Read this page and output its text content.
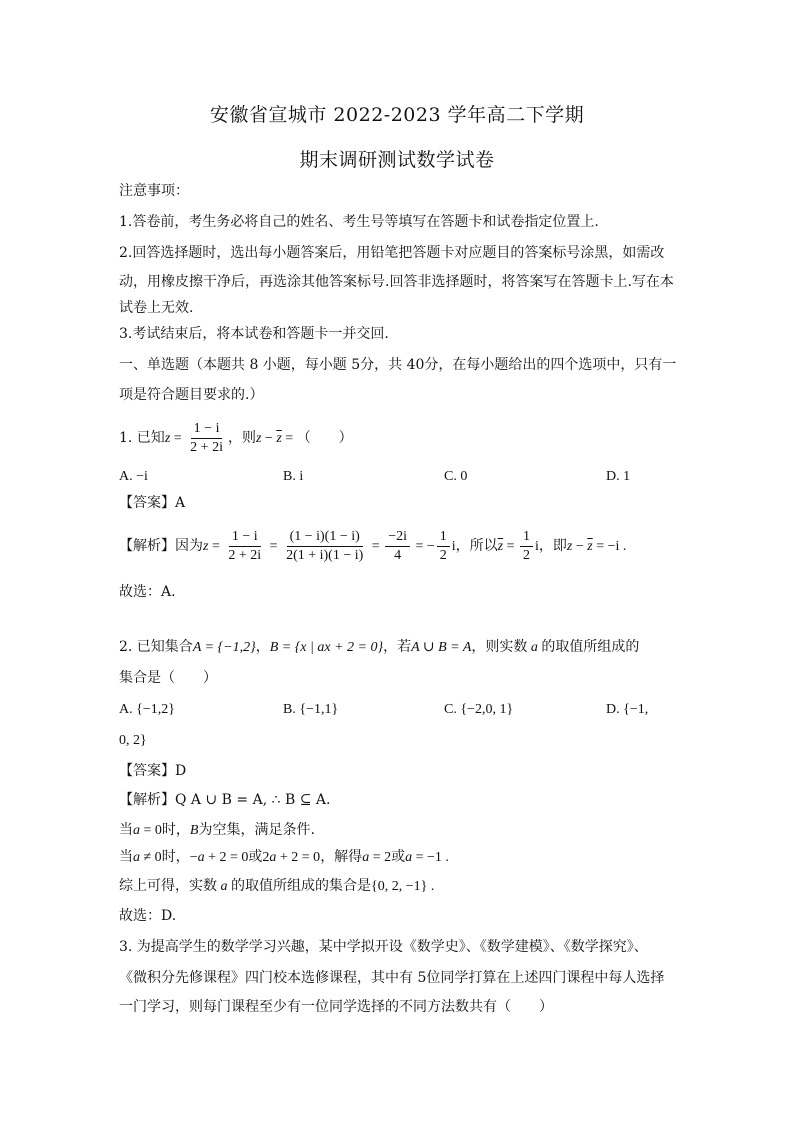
安徽省宣城市 2022-2023 学年高二下学期
期末调研测试数学试卷
注意事项：
1.答卷前，考生务必将自己的姓名、考生号等填写在答题卡和试卷指定位置上.
2.回答选择题时，选出每小题答案后，用铅笔把答题卡对应题目的答案标号涂黑，如需改
动，用橡皮擦干净后，再选涂其他答案标号.回答非选择题时，将答案写在答题卡上.写在本
试卷上无效.
3.考试结束后，将本试卷和答题卡一并交回.
一、单选题（本题共 8 小题，每小题 5分，共 40分，在每小题给出的四个选项中，只有一
项是符合题目要求的.）
1. 已知$z = \frac{1 - i}{2 + 2i}$ ，则$z - \overline{z}$ = （　　）
A. −i	B. i	C. 0	D. 1
【答案】A
【解析】因为$z = \frac{1 - i}{2 + 2i} = \frac{(1 - i)(1 - i)}{2(1 + i)(1 - i)} = \frac{-2i}{4}$ = − $\frac{1}{2}$ i，所以$\overline{z} = \frac{1}{2}$ i，即$z - \overline{z} = -i$ .
故选：A.
2. 已知集合A = {−1,2}，B = {x | ax + 2 = 0}，若A ∪ B = A，则实数 a 的取值所组成的
集合是（　　）
A. {−1,2}	B. {−1,1}	C. {−2,0, 1}	D. {−1,
0, 2}
【答案】D
【解析】Q A ∪ B = A, ∴ B ⊆ A.
当a = 0时，B为空集，满足条件.
当a ≠ 0时，−a + 2 = 0或2a + 2 = 0，解得a = 2或a = −1 .
综上可得，实数 a 的取值所组成的集合是{0, 2, −1} .
故选：D.
3. 为提高学生的数学学习兴趣，某中学拟开设《数学史》、《数学建模》、《数学探究》、
《微积分先修课程》四门校本选修课程，其中有 5位同学打算在上述四门课程中每人选择
一门学习，则每门课程至少有一位同学选择的不同方法数共有（　　）
